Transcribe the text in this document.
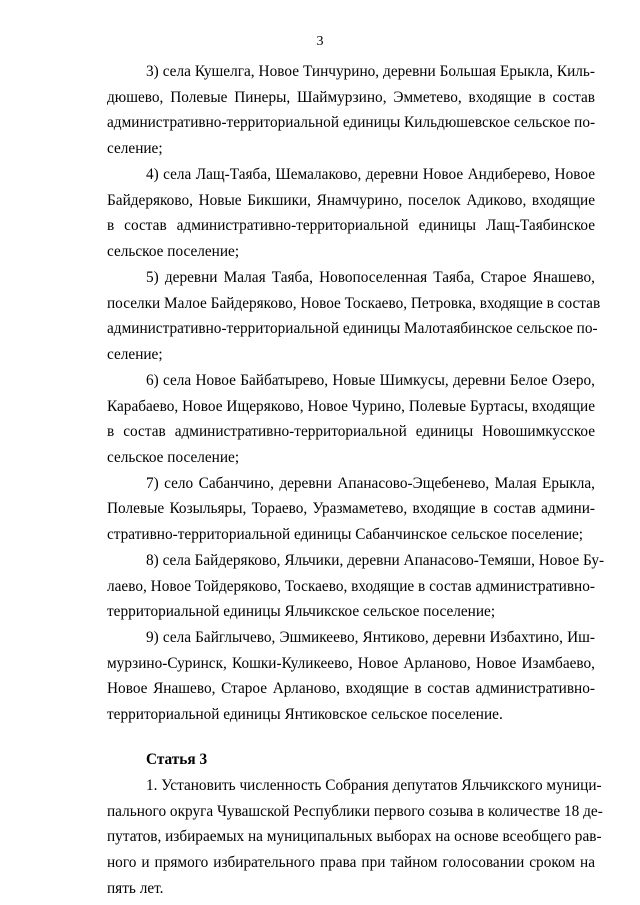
3
3) села Кушелга, Новое Тинчурино, деревни Большая Ерыкла, Киль-
дюшево, Полевые Пинеры, Шаймурзино, Эмметево, входящие в состав
административно-территориальной единицы Кильдюшевское сельское по-
селение;
4) села Лащ-Таяба, Шемалаково, деревни Новое Андиберево, Новое
Байдеряково, Новые Бикшики, Янамчурино, поселок Адиково, входящие
в состав административно-территориальной единицы Лащ-Таябинское
сельское поселение;
5) деревни Малая Таяба, Новопоселенная Таяба, Старое Янашево,
поселки Малое Байдеряково, Новое Тоскаево, Петровка, входящие в состав
административно-территориальной единицы Малотаябинское сельское по-
селение;
6) села Новое Байбатырево, Новые Шимкусы, деревни Белое Озеро,
Карабаево, Новое Ищеряково, Новое Чурино, Полевые Буртасы, входящие
в состав административно-территориальной единицы Новошимкусское
сельское поселение;
7) село Сабанчино, деревни Апанасово-Эщебенево, Малая Ерыкла,
Полевые Козыльяры, Тораево, Уразмаметево, входящие в состав админи-
стративно-территориальной единицы Сабанчинское сельское поселение;
8) села Байдеряково, Яльчики, деревни Апанасово-Темяши, Новое Бу-
лаево, Новое Тойдеряково, Тоскаево, входящие в состав административно-
территориальной единицы Яльчикское сельское поселение;
9) села Байглычево, Эшмикеево, Янтиково, деревни Избахтино, Иш-
мурзино-Суринск, Кошки-Куликеево, Новое Арланово, Новое Изамбаево,
Новое Янашево, Старое Арланово, входящие в состав административно-
территориальной единицы Янтиковское сельское поселение.
Статья 3
1. Установить численность Собрания депутатов Яльчикского муници-
пального округа Чувашской Республики первого созыва в количестве 18 де-
путатов, избираемых на муниципальных выборах на основе всеобщего рав-
ного и прямого избирательного права при тайном голосовании сроком на
пять лет.
